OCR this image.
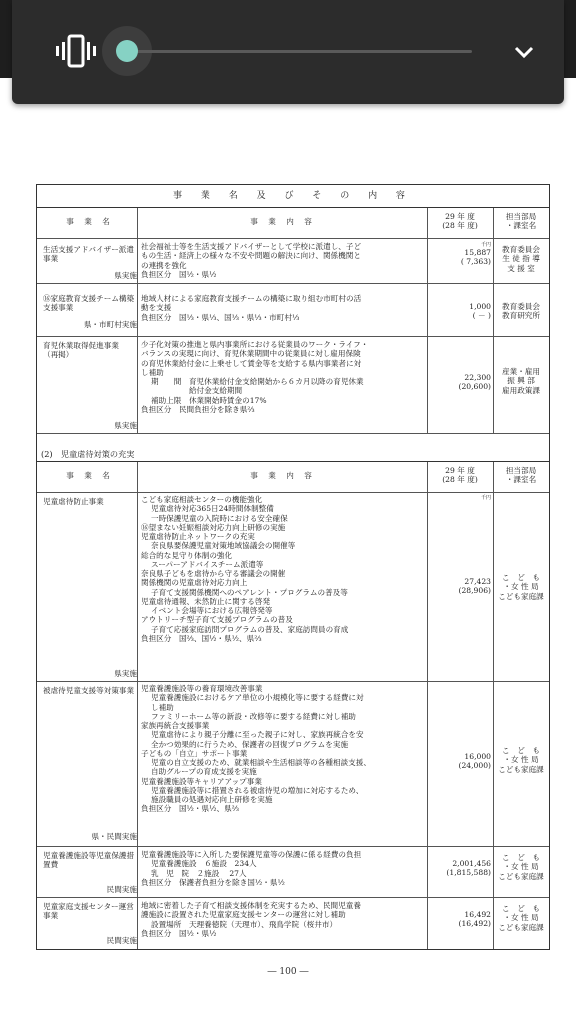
事 業 名 及 び そ の 内 容
事 業 名	事 業 内 容
29 年 度
(28 年 度)
担当部局
・課室名
生活支援アドバイザー派遣事業
県実施
社会福祉士等を生活支援アドバイザーとして学校に派遣し、子ど
もの生活・経済上の様々な不安や問題の解決に向け、関係機関と
の連携を強化
負担区分　国½・県½
千円
15,887
( 7,363)
教育委員会
生 徒 指 導
支 援 室
⑯家庭教育支援チーム構築支援事業
県・市町村実施
地域人材による家庭教育支援チームの構築に取り組む市町村の活
動を支援
負担区分　国⅓・県⅓、国⅓・県⅓・市町村⅓
1,000
( － )
教育委員会
教育研究所
育児休業取得促進事業　　（再掲）
県実施
少子化対策の推進と県内事業所における従業員のワーク・ライフ・
バランスの実現に向け、育児休業期間中の従業員に対し雇用保険
の育児休業給付金に上乗せして賃金等を支給する県内事業者に対
し補助
期　　間　育児休業給付金支給開始から６カ月以降の育児休業
　　　　　給付金支給期間
補助上限　休業開始時賃金の17%
負担区分　民間負担分を除き県⅔
22,300
(20,600)
産業・雇用
振 興 部
雇用政策課
(2)　児童虐待対策の充実
事 業 名	事 業 内 容
29 年 度
(28 年 度)
担当部局
・課室名
児童虐待防止事業
県実施
こども家庭相談センターの機能強化
児童虐待対応365日24時間体制整備
一時保護児童の入院時における安全確保
⑯望まない妊娠相談対応力向上研修の実施
児童虐待防止ネットワークの充実
奈良県要保護児童対策地域協議会の開催等
総合的な見守り体制の強化
スーパーアドバイスチーム派遣等
奈良県子どもを虐待から守る審議会の開催
関係機関の児童虐待対応力向上
子育て支援関係機関へのペアレント・プログラムの普及等
児童虐待通報、未然防止に関する啓発
イベント会場等における広報啓発等
アウトリーチ型子育て支援プログラムの普及
子育て応援家庭訪問プログラムの普及、家庭訪問員の育成
負担区分　国⅔、国½・県½、県⅔
千円
27,423
(28,906)
こ　ど　も
・女 性 局
こども家庭課
被虐待児童支援等対策事業
県・民間実施
児童養護施設等の養育環境改善事業
児童養護施設におけるケア単位の小規模化等に要する経費に対
し補助
ファミリーホーム等の新設・改修等に要する経費に対し補助
家族再統合支援事業
児童虐待により親子分離に至った親子に対し、家族再統合を安
全かつ効果的に行うため、保護者の回復プログラムを実施
子どもの「自立」サポート事業
児童の自立支援のため、就業相談や生活相談等の各種相談支援、
自助グループの育成支援を実施
児童養護施設等キャリアアップ事業
児童養護施設等に措置される被虐待児の増加に対応するため、
施設職員の処遇対応向上研修を実施
負担区分　国½・県½、県⅔
16,000
(24,000)
こ　ど　も
・女 性 局
こども家庭課
児童養護施設等児童保護措置費
民間実施
児童養護施設等に入所した要保護児童等の保護に係る経費の負担
児童養護施設　６施設　234人
乳　児　院　２施設　 27人
負担区分　保護者負担分を除き国½・県½
2,001,456
(1,815,588)
こ　ど　も
・女 性 局
こども家庭課
児童家庭支援センター運営事業
民間実施
地域に密着した子育て相談支援体制を充実するため、民間児童養
護施設に設置された児童家庭支援センターの運営に対し補助
設置場所　天理養徳院（天理市）、飛鳥学院（桜井市）
負担区分　国½・県½
16,492
(16,492)
こ　ど　も
・女 性 局
こども家庭課
― 100 ―
